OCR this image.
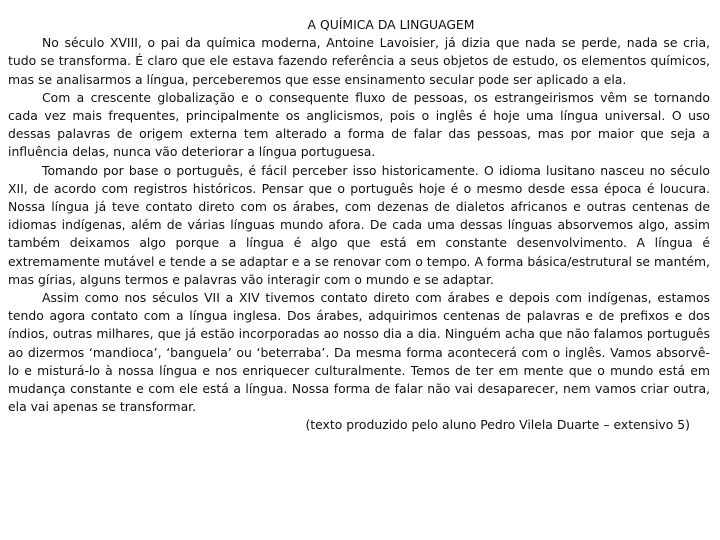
A QUÍMICA DA LINGUAGEM

No século XVIII, o pai da química moderna, Antoine Lavoisier, já dizia que nada se perde, nada se cria, tudo se transforma. É claro que ele estava fazendo referência a seus objetos de estudo, os elementos químicos, mas se analisarmos a língua, perceberemos que esse ensinamento secular pode ser aplicado a ela.

Com a crescente globalização e o consequente fluxo de pessoas, os estrangeirismos vêm se tornando cada vez mais frequentes, principalmente os anglicismos, pois o inglês é hoje uma língua universal. O uso dessas palavras de origem externa tem alterado a forma de falar das pessoas, mas por maior que seja a influência delas, nunca vão deteriorar a língua portuguesa.

Tomando por base o português, é fácil perceber isso historicamente. O idioma lusitano nasceu no século XII, de acordo com registros históricos. Pensar que o português hoje é o mesmo desde essa época é loucura. Nossa língua já teve contato direto com os árabes, com dezenas de dialetos africanos e outras centenas de idiomas indígenas, além de várias línguas mundo afora. De cada uma dessas línguas absorvemos algo, assim também deixamos algo porque a língua é algo que está em constante desenvolvimento. A língua é extremamente mutável e tende a se adaptar e a se renovar com o tempo. A forma básica/estrutural se mantém, mas gírias, alguns termos e palavras vão interagir com o mundo e se adaptar.

Assim como nos séculos VII a XIV tivemos contato direto com árabes e depois com indígenas, estamos tendo agora contato com a língua inglesa. Dos árabes, adquirimos centenas de palavras e de prefixos e dos índios, outras milhares, que já estão incorporadas ao nosso dia a dia. Ninguém acha que não falamos português ao dizermos ‘mandioca’, ‘banguela’ ou ‘beterraba’. Da mesma forma acontecerá com o inglês. Vamos absorvê-lo e misturá-lo à nossa língua e nos enriquecer culturalmente. Temos de ter em mente que o mundo está em mudança constante e com ele está a língua. Nossa forma de falar não vai desaparecer, nem vamos criar outra, ela vai apenas se transformar.

(texto produzido pelo aluno Pedro Vilela Duarte – extensivo 5)
